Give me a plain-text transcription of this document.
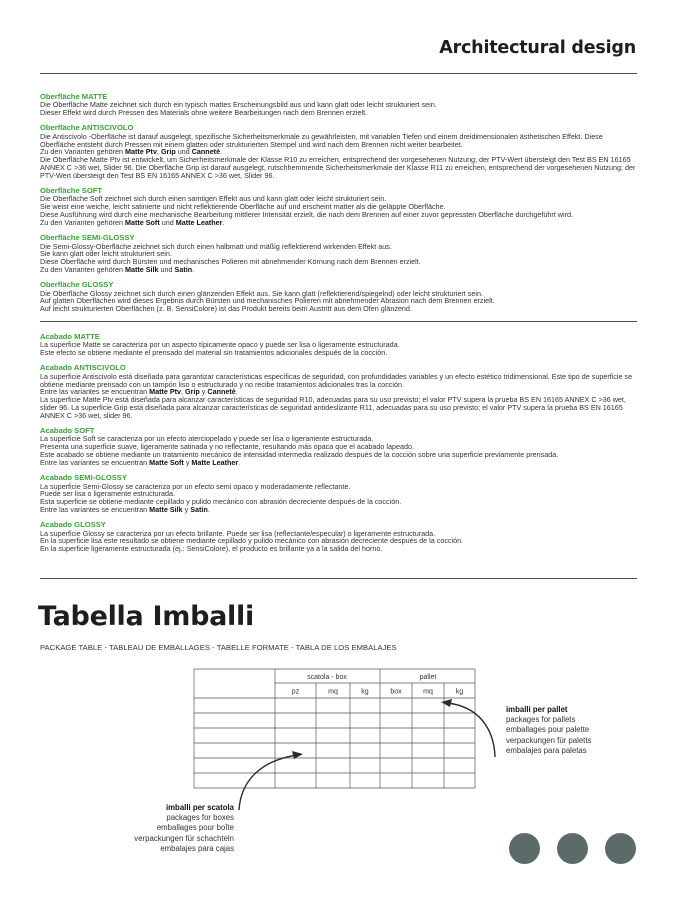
Architectural design
Oberfläche MATTE

Die Oberfläche Matte zeichnet sich durch ein typisch mattes Erscheinungsbild aus und kann glatt oder leicht strukturiert sein.

Dieser Effekt wird durch Pressen des Materials ohne weitere Bearbeitungen nach dem Brennen erzielt.

Oberfläche ANTISCIVOLO

Die Antiscivolo -Oberfläche ist darauf ausgelegt, spezifische Sicherheitsmerkmale zu gewährleisten, mit variablen Tiefen und einem dreidimensionalen ästhetischen Effekt. Diese Oberfläche entsteht durch Pressen mit einem glatten oder strukturierten Stempel und wird nach dem Brennen nicht weiter bearbeitet.

Zu den Varianten gehören Matte Ptv, Grip und Cannetè.

Die Oberfläche Matte Ptv ist entwickelt, um Sicherheitsmerkmale der Klasse R10 zu erreichen, entsprechend der vorgesehenen Nutzung; der PTV-Wert übersteigt den Test BS EN 16165 ANNEX C >36 wet, Slider 96. Die Oberfläche Grip ist darauf ausgelegt, rutschhemmende Sicherheitsmerkmale der Klasse R11 zu erreichen, entsprechend der vorgesehenen Nutzung; der PTV-Wert übersteigt den Test BS EN 16165 ANNEX C >36 wet, Slider 96.

Oberfläche SOFT

Die Oberfläche Soft zeichnet sich durch einen samtigen Effekt aus und kann glatt oder leicht strukturiert sein.

Sie weist eine weiche, leicht satinierte und nicht reflektierende Oberfläche auf und erscheint matter als die geläppte Oberfläche.

Diese Ausführung wird durch eine mechanische Bearbeitung mittlerer Intensität erzielt, die nach dem Brennen auf einer zuvor gepressten Oberfläche durchgeführt wird.

Zu den Varianten gehören Matte Soft und Matte Leather.

Oberfläche SEMI-GLOSSY

Die Semi-Glossy-Oberfläche zeichnet sich durch einen halbmatt und mäßig reflektierend wirkenden Effekt aus.

Sie kann glatt oder leicht strukturiert sein.

Diese Oberfläche wird durch Bürsten und mechanisches Polieren mit abnehmender Körnung nach dem Brennen erzielt.

Zu den Varianten gehören Matte Silk und Satin.

Oberfläche GLOSSY

Die Oberfläche Glossy zeichnet sich durch einen glänzenden Effekt aus. Sie kann glatt (reflektierend/spiegelnd) oder leicht strukturiert sein.

Auf glatten Oberflächen wird dieses Ergebnis durch Bürsten und mechanisches Polieren mit abnehmender Abrasion nach dem Brennen erzielt.

Auf leicht strukturierten Oberflächen (z. B. SensiColore) ist das Produkt bereits beim Austritt aus dem Ofen glänzend.

Acabado MATTE

La superficie Matte se caracteriza por un aspecto típicamente opaco y puede ser lisa o ligeramente estructurada.

Este efecto se obtiene mediante el prensado del material sin tratamientos adicionales después de la cocción.

Acabado ANTISCIVOLO

La superficie Antiscivolo está diseñada para garantizar características específicas de seguridad, con profundidades variables y un efecto estético tridimensional. Este tipo de superficie se obtiene mediante prensado con un tampón liso o estructurado y no recibe tratamientos adicionales tras la cocción.

Entre las variantes se encuentran Matte Ptv, Grip y Cannetè.

La superficie Matte Ptv está diseñada para alcanzar características de seguridad R10, adecuadas para su uso previsto; el valor PTV supera la prueba BS EN 16165 ANNEX C >36 wet, slider 96. La superficie Grip está diseñada para alcanzar características de seguridad antideslizante R11, adecuadas para su uso previsto; el valor PTV supera la prueba BS EN 16165 ANNEX C >36 wet, slider 96.

Acabado SOFT

La superficie Soft se caracteriza por un efecto aterciopelado y puede ser lisa o ligeramente estructurada.

Presenta una superficie suave, ligeramente satinada y no reflectante, resultando más opaca que el acabado lapeado.

Este acabado se obtiene mediante un tratamiento mecánico de intensidad intermedia realizado después de la cocción sobre una superficie previamente prensada.

Entre las variantes se encuentran Matte Soft y Matte Leather.

Acabado SEMI-GLOSSY

La superficie Semi-Glossy se caracteriza por un efecto semi opaco y moderadamente reflectante.

Puede ser lisa o ligeramente estructurada.

Esta superficie se obtiene mediante cepillado y pulido mecánico con abrasión decreciente después de la cocción.

Entre las variantes se encuentran Matte Silk y Satin.

Acabado GLOSSY

La superficie Glossy se caracteriza por un efecto brillante. Puede ser lisa (reflectante/especular) o ligeramente estructurada.

En la superficie lisa este resultado se obtiene mediante cepillado y pulido mecánico con abrasión decreciente después de la cocción.

En la superficie ligeramente estructurada (ej.: SensiColore), el producto es brillante ya a la salida del horno.

Tabella Imballi
PACKAGE TABLE - TABLEAU DE EMBALLAGES - TABELLE FORMATE - TABLA DE LOS EMBALAJES
scatola - box	pallet
pz	mq	kg	box	mq	kg
imballi per pallet
packages for pallets
emballages pour palette
verpackungen für paletts
embalajes para paletas
imballi per scatola
packages for boxes
emballages pour boîte
verpackungen für schachteln
embalajes para cajas
